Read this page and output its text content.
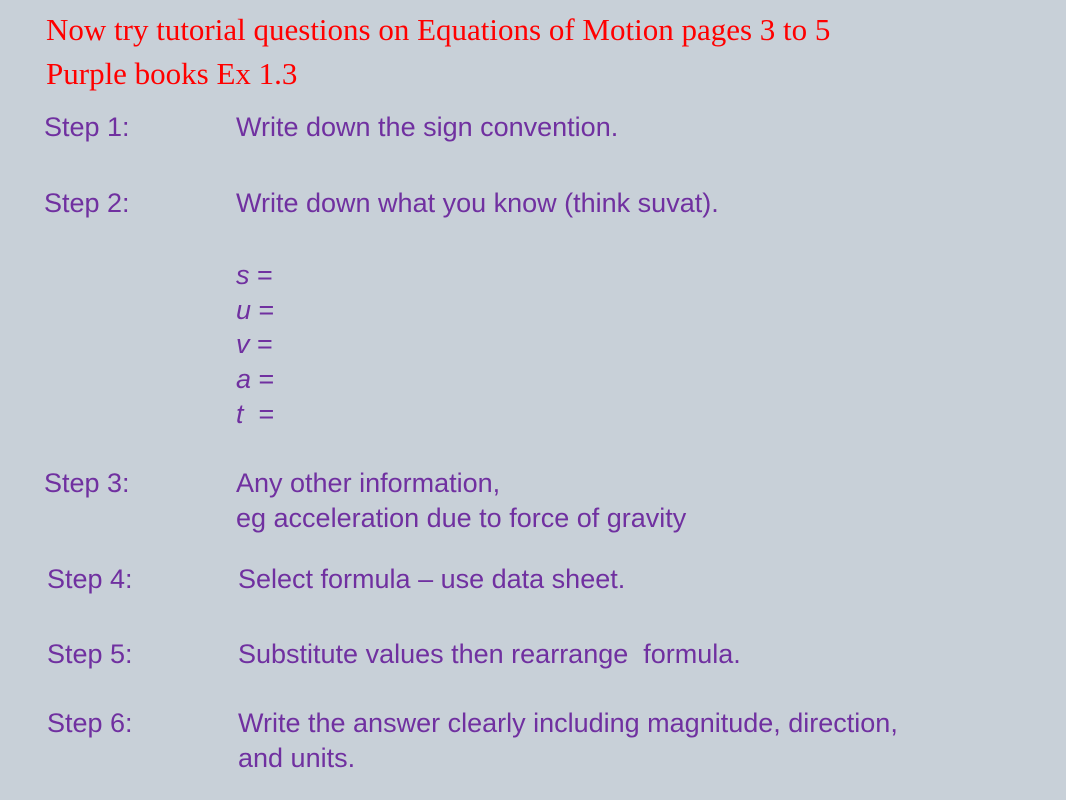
Now try tutorial questions on Equations of Motion pages 3 to 5
Purple books Ex 1.3
Step 1:	Write down the sign convention.
Step 2:	Write down what you know (think suvat).
s =
u =
v =
a =
t  =
Step 3:	Any other information,
eg acceleration due to force of gravity
Step 4:	Select formula – use data sheet.
Step 5:	Substitute values then rearrange  formula.
Step 6:	Write the answer clearly including magnitude, direction,
and units.
